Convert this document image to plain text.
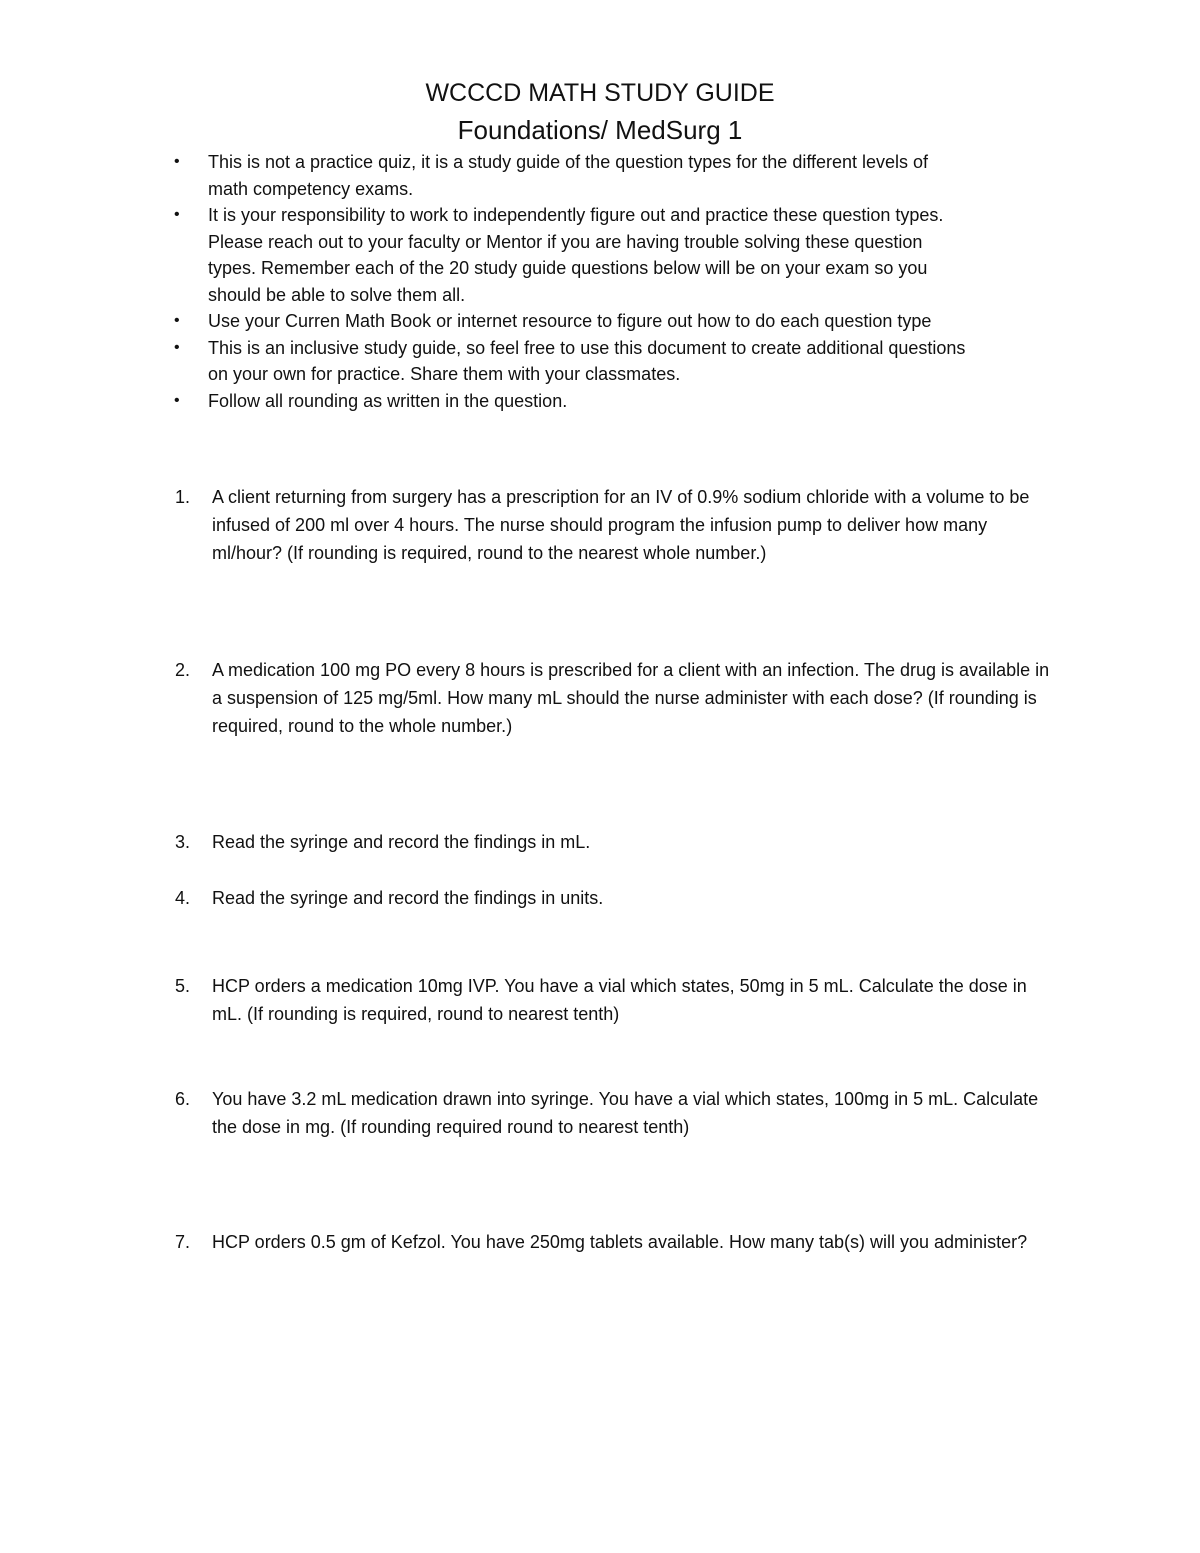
WCCCD MATH STUDY GUIDE
Foundations/ MedSurg 1
• This is not a practice quiz, it is a study guide of the question types for the different levels of math competency exams.
• It is your responsibility to work to independently figure out and practice these question types. Please reach out to your faculty or Mentor if you are having trouble solving these question types. Remember each of the 20 study guide questions below will be on your exam so you should be able to solve them all.
• Use your Curren Math Book or internet resource to figure out how to do each question type
• This is an inclusive study guide, so feel free to use this document to create additional questions on your own for practice. Share them with your classmates.
• Follow all rounding as written in the question.
1.	A client returning from surgery has a prescription for an IV of 0.9% sodium chloride with a volume to be infused of 200 ml over 4 hours. The nurse should program the infusion pump to deliver how many ml/hour? (If rounding is required, round to the nearest whole number.)
2.	A medication 100 mg PO every 8 hours is prescribed for a client with an infection. The drug is available in a suspension of 125 mg/5ml. How many mL should the nurse administer with each dose? (If rounding is required, round to the whole number.)
3.	Read the syringe and record the findings in mL.
4.	Read the syringe and record the findings in units.
5.	HCP orders a medication 10mg IVP. You have a vial which states, 50mg in 5 mL. Calculate the dose in mL. (If rounding is required, round to nearest tenth)
6.	You have 3.2 mL medication drawn into syringe. You have a vial which states, 100mg in 5 mL. Calculate the dose in mg. (If rounding required round to nearest tenth)
7.	HCP orders 0.5 gm of Kefzol. You have 250mg tablets available. How many tab(s) will you administer?
